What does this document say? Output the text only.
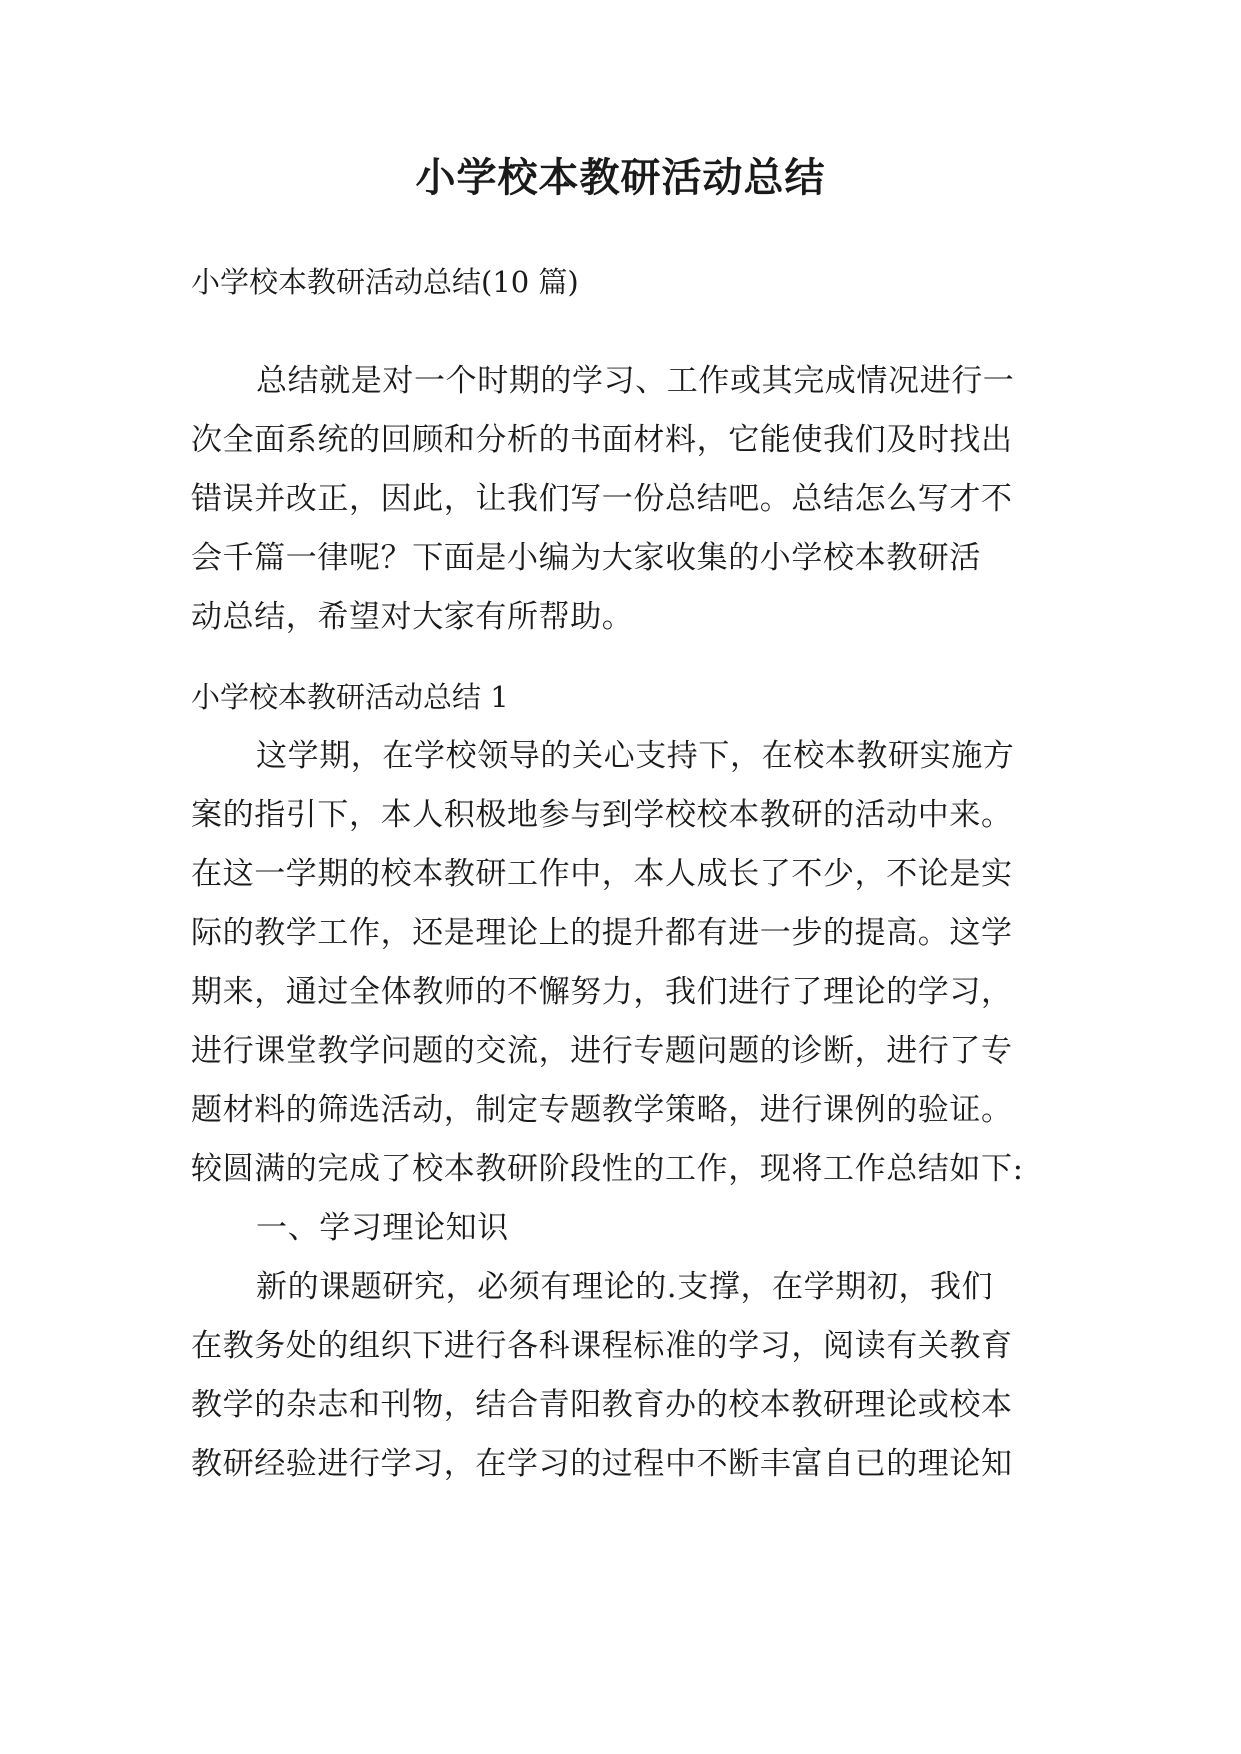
小学校本教研活动总结

小学校本教研活动总结(10 篇)

总结就是对一个时期的学习、工作或其完成情况进行一
次全面系统的回顾和分析的书面材料，它能使我们及时找出
错误并改正，因此，让我们写一份总结吧。总结怎么写才不
会千篇一律呢？下面是小编为大家收集的小学校本教研活
动总结，希望对大家有所帮助。
小学校本教研活动总结 1
这学期，在学校领导的关心支持下，在校本教研实施方
案的指引下，本人积极地参与到学校校本教研的活动中来。
在这一学期的校本教研工作中，本人成长了不少，不论是实
际的教学工作，还是理论上的提升都有进一步的提高。这学
期来，通过全体教师的不懈努力，我们进行了理论的学习，
进行课堂教学问题的交流，进行专题问题的诊断，进行了专
题材料的筛选活动，制定专题教学策略，进行课例的验证。
较圆满的完成了校本教研阶段性的工作，现将工作总结如下:
一、学习理论知识
新的课题研究，必须有理论的.支撑，在学期初，我们
在教务处的组织下进行各科课程标准的学习，阅读有关教育
教学的杂志和刊物，结合青阳教育办的校本教研理论或校本
教研经验进行学习，在学习的过程中不断丰富自已的理论知
